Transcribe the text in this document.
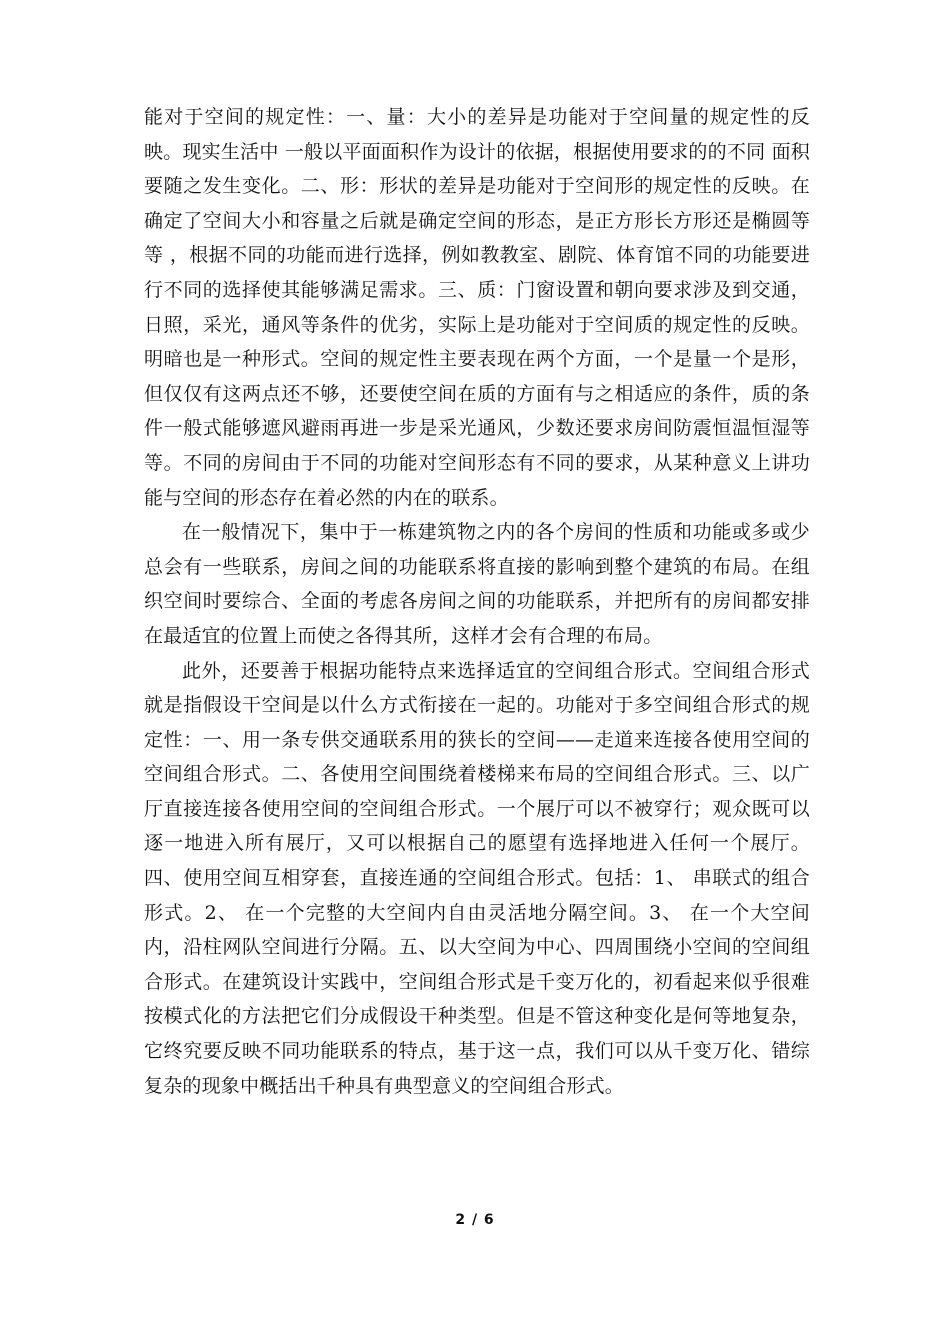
能对于空间的规定性：一、量：大小的差异是功能对于空间量的规定性的反映。现实生活中 一般以平面面积作为设计的依据，根据使用要求的的不同 面积要随之发生变化。二、形：形状的差异是功能对于空间形的规定性的反映。在确定了空间大小和容量之后就是确定空间的形态，是正方形长方形还是椭圆等等 ，根据不同的功能而进行选择，例如教教室、剧院、体育馆不同的功能要进行不同的选择使其能够满足需求。三、质：门窗设置和朝向要求涉及到交通，日照，采光，通风等条件的优劣，实际上是功能对于空间质的规定性的反映。明暗也是一种形式。空间的规定性主要表现在两个方面，一个是量一个是形，但仅仅有这两点还不够，还要使空间在质的方面有与之相适应的条件，质的条件一般式能够遮风避雨再进一步是采光通风，少数还要求房间防震恒温恒湿等等。不同的房间由于不同的功能对空间形态有不同的要求，从某种意义上讲功能与空间的形态存在着必然的内在的联系。

在一般情况下，集中于一栋建筑物之内的各个房间的性质和功能或多或少总会有一些联系，房间之间的功能联系将直接的影响到整个建筑的布局。在组织空间时要综合、全面的考虑各房间之间的功能联系，并把所有的房间都安排在最适宜的位置上而使之各得其所，这样才会有合理的布局。

此外，还要善于根据功能特点来选择适宜的空间组合形式。空间组合形式就是指假设干空间是以什么方式衔接在一起的。功能对于多空间组合形式的规定性：一、用一条专供交通联系用的狭长的空间——走道来连接各使用空间的空间组合形式。二、各使用空间围绕着楼梯来布局的空间组合形式。三、以广厅直接连接各使用空间的空间组合形式。一个展厅可以不被穿行；观众既可以逐一地进入所有展厅，又可以根据自己的愿望有选择地进入任何一个展厅。四、使用空间互相穿套，直接连通的空间组合形式。包括：1、 串联式的组合形式。2、 在一个完整的大空间内自由灵活地分隔空间。3、 在一个大空间内，沿柱网队空间进行分隔。五、以大空间为中心、四周围绕小空间的空间组合形式。在建筑设计实践中，空间组合形式是千变万化的，初看起来似乎很难按模式化的方法把它们分成假设干种类型。但是不管这种变化是何等地复杂，它终究要反映不同功能联系的特点，基于这一点，我们可以从千变万化、错综复杂的现象中概括出千种具有典型意义的空间组合形式。

2 / 6
